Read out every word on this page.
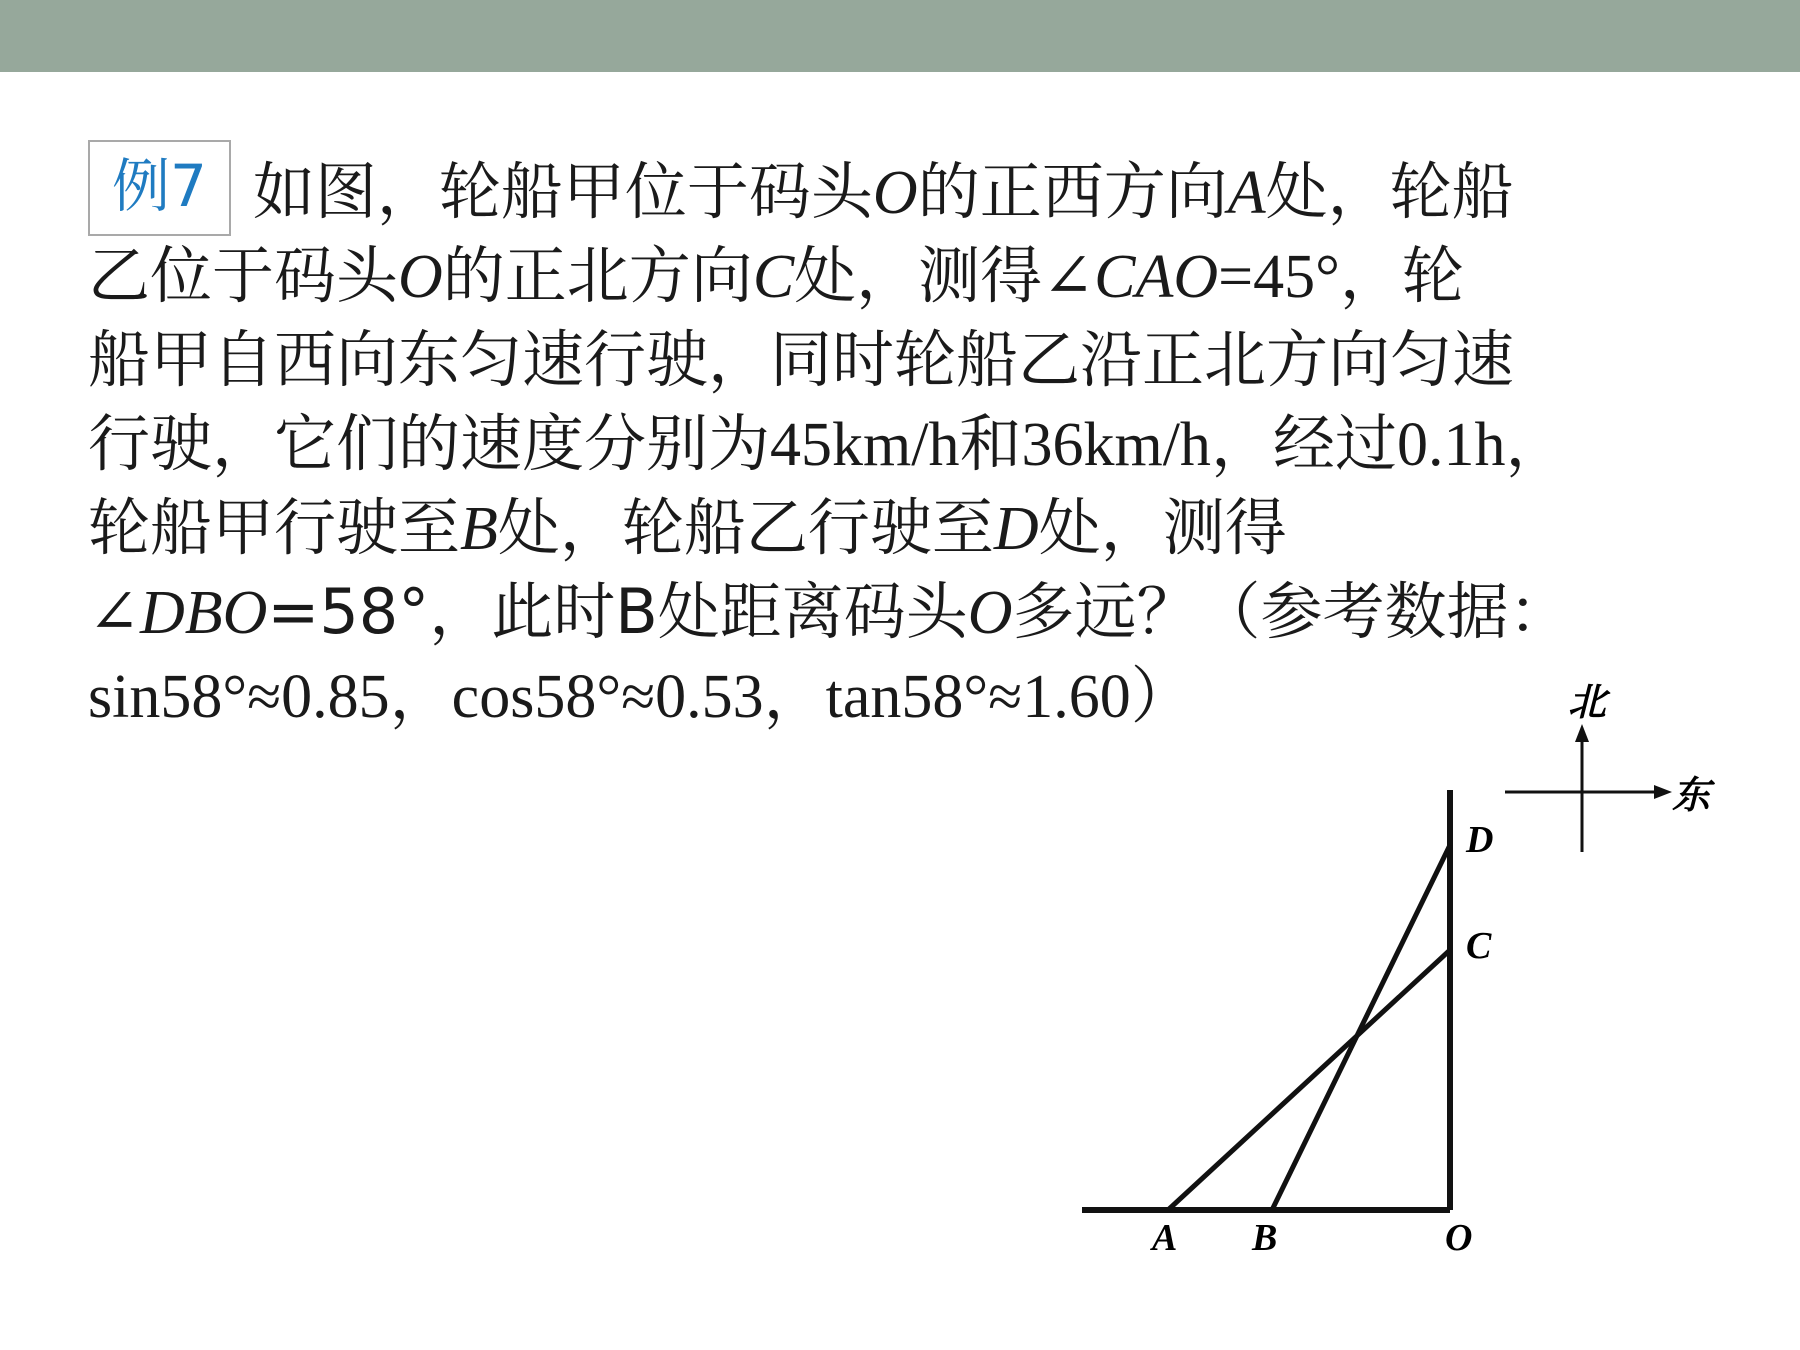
例7 如图，轮船甲位于码头O的正西方向A处，轮船
乙位于码头O的正北方向C处，测得∠CAO=45°，轮
船甲自西向东匀速行驶，同时轮船乙沿正北方向匀速
行驶，它们的速度分别为45km/h和36km/h，经过0.1h，
轮船甲行驶至B处，轮船乙行驶至D处，测得
∠DBO=58°，此时B处距离码头O多远？（参考数据：
sin58°≈0.85，cos58°≈0.53，tan58°≈1.60）
A B	O
C
D
北
东
